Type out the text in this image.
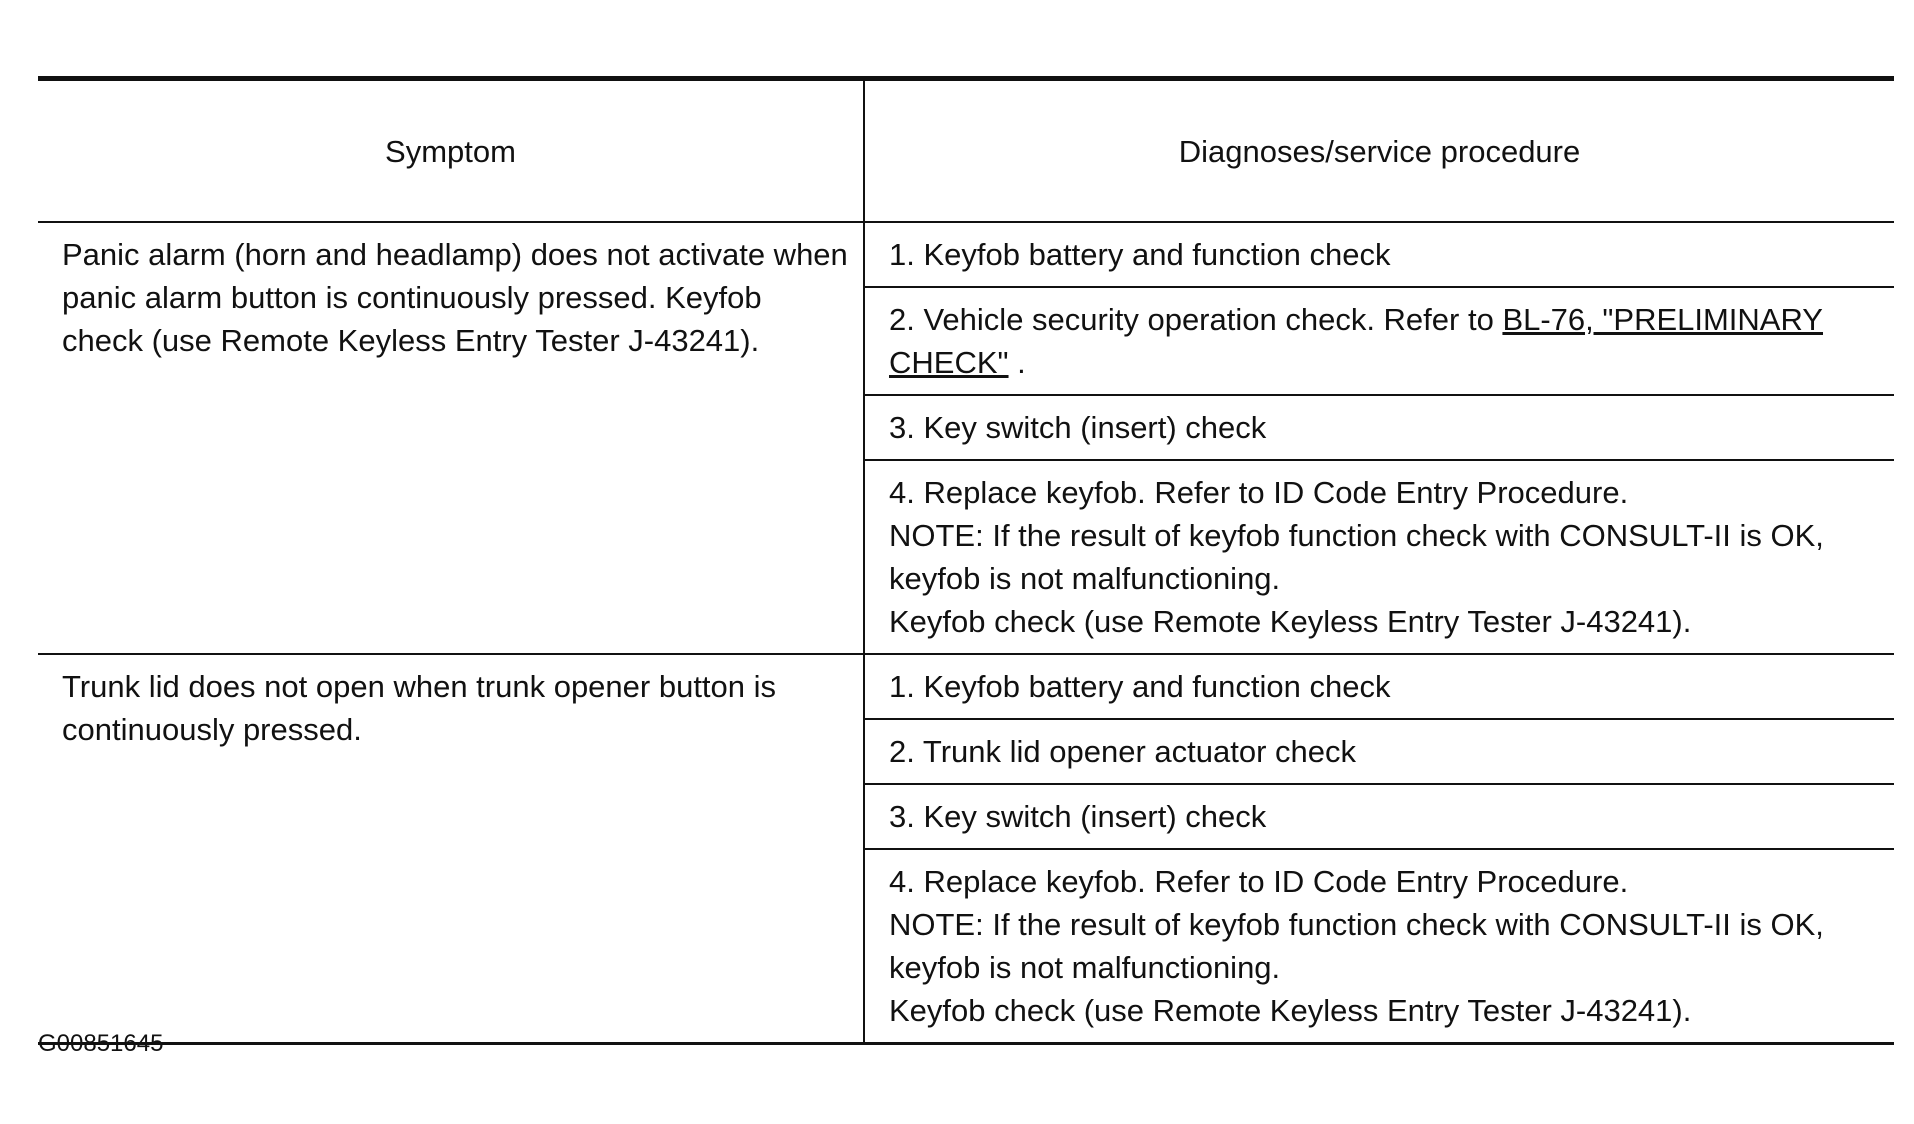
Symptom	Diagnoses/service procedure
Panic alarm (horn and headlamp) does not activate when panic alarm button is continuously pressed. Keyfob check (use Remote Keyless Entry Tester J-43241).	1. Keyfob battery and function check

	2. Vehicle security operation check. Refer to BL-76, "PRELIMINARY CHECK" .

	3. Key switch (insert) check

	4. Replace keyfob. Refer to ID Code Entry Procedure.
NOTE: If the result of keyfob function check with CONSULT-II is OK, keyfob is not malfunctioning.
Keyfob check (use Remote Keyless Entry Tester J-43241).

Trunk lid does not open when trunk opener button is continuously pressed.	1. Keyfob battery and function check

	2. Trunk lid opener actuator check

	3. Key switch (insert) check

	4. Replace keyfob. Refer to ID Code Entry Procedure.
NOTE: If the result of keyfob function check with CONSULT-II is OK, keyfob is not malfunctioning.
Keyfob check (use Remote Keyless Entry Tester J-43241).
G00851645
